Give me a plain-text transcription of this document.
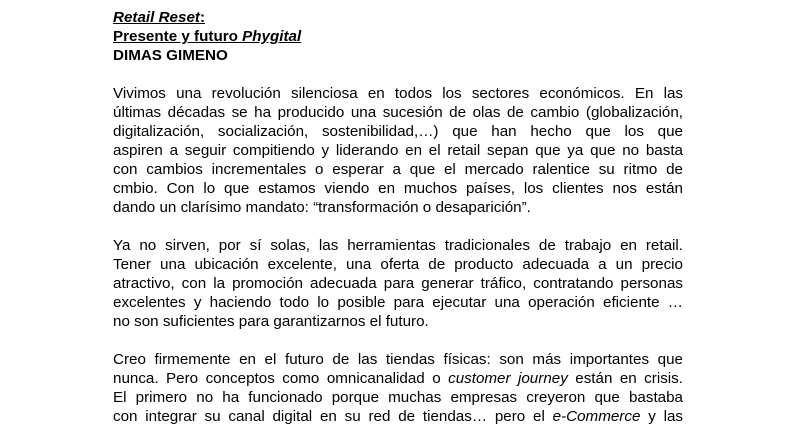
Retail Reset:
Presente y futuro Phygital
DIMAS GIMENO
Vivimos una revolución silenciosa en todos los sectores económicos. En las
últimas décadas se ha producido una sucesión de olas de cambio (globalización,
digitalización, socialización, sostenibilidad,…) que han hecho que los que
aspiren a seguir compitiendo y liderando en el retail sepan que ya que no basta
con cambios incrementales o esperar a que el mercado ralentice su ritmo de
cmbio. Con lo que estamos viendo en muchos países, los clientes nos están
dando un clarísimo mandato: “transformación o desaparición”.
Ya no sirven, por sí solas, las herramientas tradicionales de trabajo en retail.
Tener una ubicación excelente, una oferta de producto adecuada a un precio
atractivo, con la promoción adecuada para generar tráfico, contratando personas
excelentes y haciendo todo lo posible para ejecutar una operación eficiente …
no son suficientes para garantizarnos el futuro.
Creo firmemente en el futuro de las tiendas físicas: son más importantes que
nunca. Pero conceptos como omnicanalidad o customer journey están en crisis.
El primero no ha funcionado porque muchas empresas creyeron que bastaba
con integrar su canal digital en su red de tiendas… pero el e-Commerce y las
